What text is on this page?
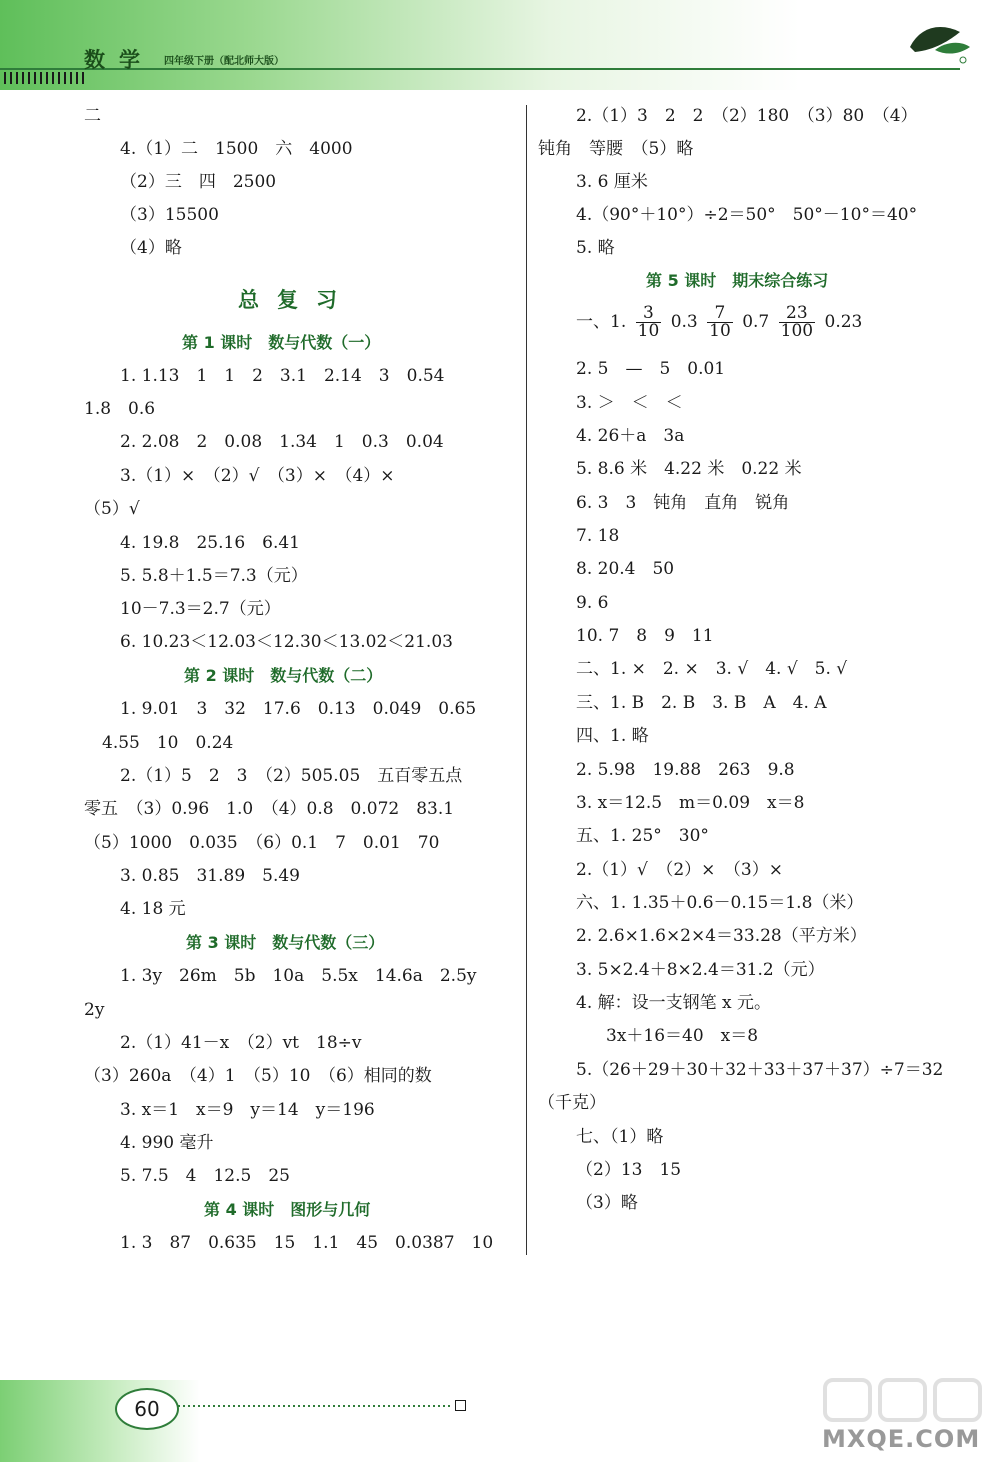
数学 四年级下册（配北师大版）
二
4.（1）二　1500　六　4000
（2）三　四　2500
（3）15500
（4）略
总复习
第 1 课时　数与代数（一）
1. 1.13　1　1　2　3.1　2.14　3　0.54
1.8　0.6
2. 2.08　2　0.08　1.34　1　0.3　0.04
3.（1）×　（2）√　（3）×　（4）×
（5）√
4. 19.8　25.16　6.41
5. 5.8＋1.5＝7.3（元）
10－7.3＝2.7（元）
6. 10.23＜12.03＜12.30＜13.02＜21.03
第 2 课时　数与代数（二）
1. 9.01　3　32　17.6　0.13　0.049　0.65
4.55　10　0.24
2.（1）5　2　3　（2）505.05　五百零五点
零五　（3）0.96　1.0　（4）0.8　0.072　83.1
（5）1000　0.035　（6）0.1　7　0.01　70
3. 0.85　31.89　5.49
4. 18 元
第 3 课时　数与代数（三）
1. 3y　26m　5b　10a　5.5x　14.6a　2.5y
2y
2.（1）41－x　（2）vt　18÷v
（3）260a　（4）1　（5）10　（6）相同的数
3. x＝1　x＝9　y＝14　y＝196
4. 990 毫升
5. 7.5　4　12.5　25
第 4 课时　图形与几何
1. 3　87　0.635　15　1.1　45　0.0387　10
2.（1）3　2　2　（2）180　（3）80　（4）
钝角　等腰　（5）略
3. 6 厘米
4.（90°＋10°）÷2＝50°　50°－10°＝40°
5. 略
第 5 课时　期末综合练习
一、1. $\frac{3}{10} 0.3 \frac{7}{10} 0.7 \frac{23}{100} 0.23$
2. 5　—　5　0.01
3. ＞　＜　＜
4. 26＋a　3a
5. 8.6 米　4.22 米　0.22 米
6. 3　3　钝角　直角　锐角
7. 18
8. 20.4　50
9. 6
10. 7　8　9　11
二、1. ×　2. ×　3. √　4. √　5. √
三、1. B　2. B　3. B　A　4. A
四、1. 略
2. 5.98　19.88　263　9.8
3. x＝12.5　m＝0.09　x＝8
五、1. 25°　30°
2.（1）√　（2）×　（3）×
六、1. 1.35＋0.6－0.15＝1.8（米）
2. 2.6×1.6×2×4＝33.28（平方米）
3. 5×2.4＋8×2.4＝31.2（元）
4. 解：设一支钢笔 x 元。
3x＋16＝40　x＝8
5.（26＋29＋30＋32＋33＋37＋37）÷7＝32
（千克）
七、（1）略
（2）13　15
（3）略
60
MXQE.COM
